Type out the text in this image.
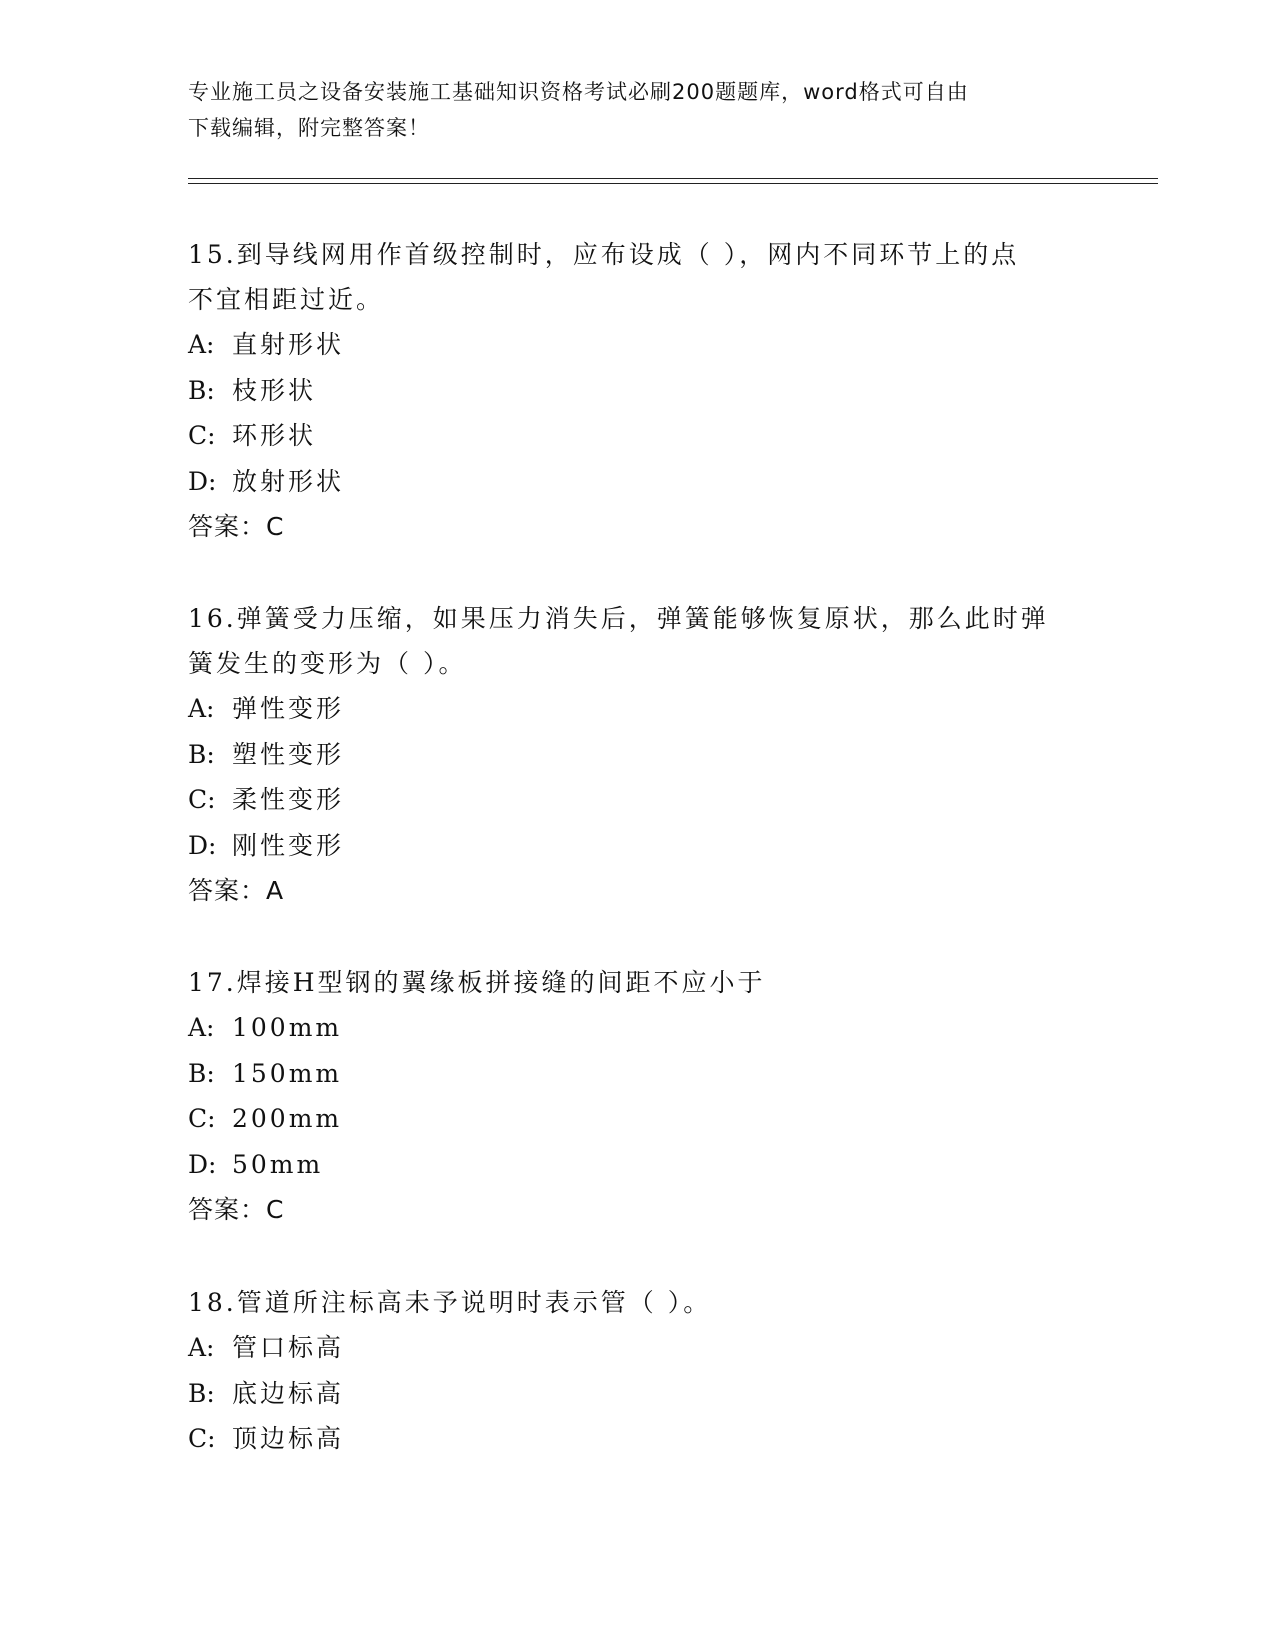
专业施工员之设备安装施工基础知识资格考试必刷200题题库，word格式可自由
下载编辑，附完整答案！
15.到导线网用作首级控制时，应布设成（ ），网内不同环节上的点
不宜相距过近。
A: 直射形状
B: 枝形状
C: 环形状
D: 放射形状
答案：C
16.弹簧受力压缩，如果压力消失后，弹簧能够恢复原状，那么此时弹
簧发生的变形为（ ）。
A: 弹性变形
B: 塑性变形
C: 柔性变形
D: 刚性变形
答案：A
17.焊接H型钢的翼缘板拼接缝的间距不应小于
A: 100mm
B: 150mm
C: 200mm
D: 50mm
答案：C
18.管道所注标高未予说明时表示管（ ）。
A: 管口标高
B: 底边标高
C: 顶边标高
